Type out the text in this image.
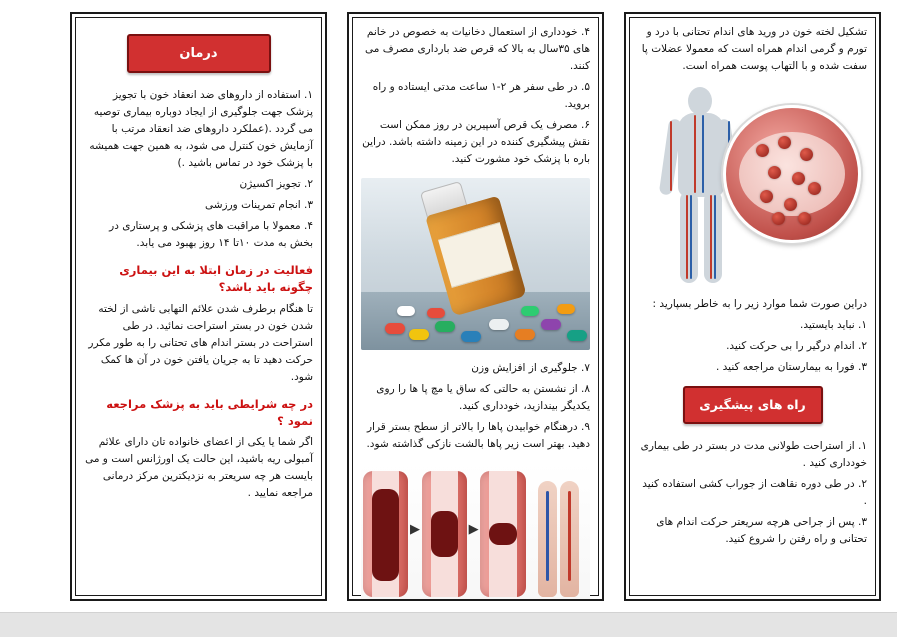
تشکیل لخته خون در ورید های اندام تحتانی با درد و تورم و گرمی اندام همراه است که معمولا عضلات پا سفت شده و با التهاب پوست همراه است.

دراین صورت شما موارد زیر را به خاطر بسپارید :

۱. نباید بایستید.

۲. اندام درگیر را بی حرکت کنید.

۳. فورا به بیمارستان مراجعه کنید .

راه های پیشگیری

۱. از استراحت طولانی مدت در بستر در طی بیماری خودداری کنید .

۲. در طی دوره نقاهت از جوراب کشی استفاده کنید .

۳. پس از جراحی هرچه سریعتر حرکت اندام های تحتانی و راه رفتن را شروع کنید.

۴. خودداری از استعمال دخانیات به خصوص در خانم های ۳۵سال به بالا که قرص ضد بارداری مصرف می کنند.

۵. در طی سفر هر ۲-۱ ساعت مدتی ایستاده و راه بروید.

۶. مصرف یک قرص آسپیرین در روز ممکن است نقش پیشگیری کننده در این زمینه داشته باشد. دراین باره با پزشک خود مشورت کنید.

۷. جلوگیری از افزایش وزن

۸. از نشستن به حالتی که ساق یا مچ پا ها را روی یکدیگر بیندازید، خودداری کنید.

۹. درهنگام خوابیدن پاها را بالاتر از سطح بستر قرار دهید. بهتر است زیر پاها بالشت نازکی گذاشته شود.

▶
▶
درمان

۱. استفاده از داروهای ضد انعقاد خون با تجویز پزشک جهت جلوگیری از ایجاد دوباره بیماری توصیه می گردد .(عملکرد داروهای ضد انعقاد مرتب با آزمایش خون کنترل می شود، به همین جهت همیشه با پزشک خود در تماس باشید .)

۲. تجویز اکسیژن

۳. انجام تمرینات ورزشی

۴. معمولا با مراقبت های پزشکی و پرستاری در بخش به مدت ۱۰تا ۱۴ روز بهبود می یابد.

فعالیت در زمان ابتلا به این بیماری چگونه باید باشد؟

تا هنگام برطرف شدن علائم التهابی ناشی از لخته شدن خون در بستر استراحت نمائید. در طی استراحت در بستر اندام های تحتانی را به طور مکرر حرکت دهید تا به جریان یافتن خون در آن ها کمک شود.

در چه شرایطی باید به پزشک مراجعه نمود ؟

اگر شما یا یکی از اعضای خانواده تان دارای علائم آمبولی ریه باشید، این حالت یک اورژانس است و می بایست هر چه سریعتر به نزدیکترین مرکز درمانی مراجعه نمایید .
